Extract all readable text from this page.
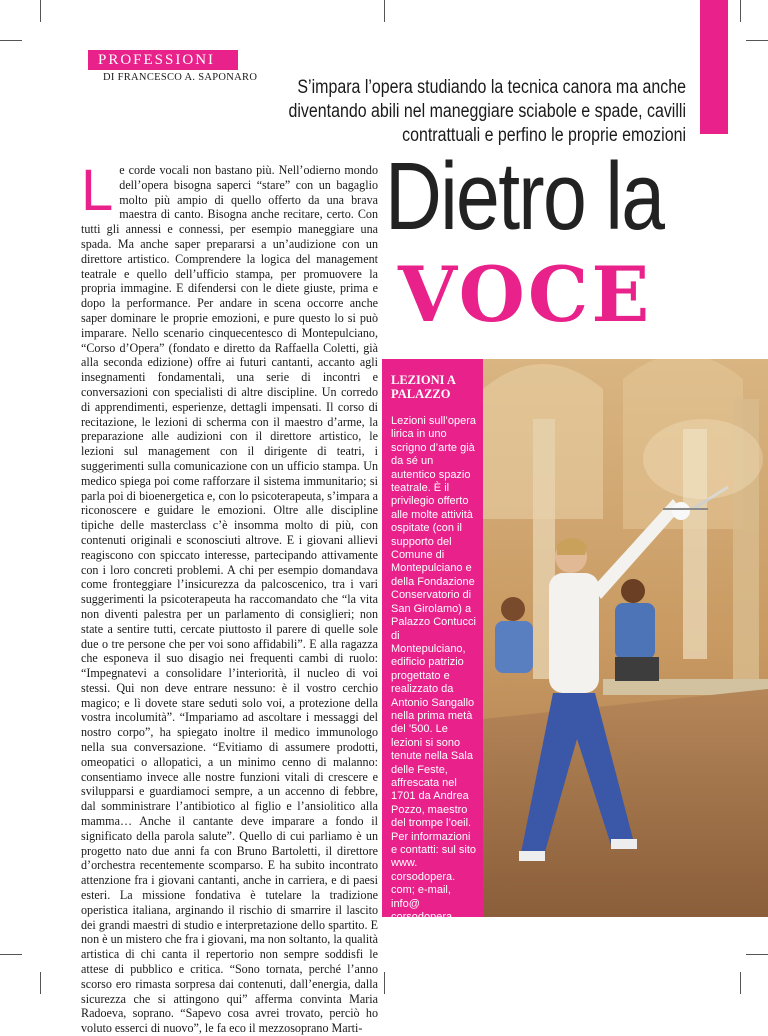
PROFESSIONI
DI FRANCESCO A. SAPONARO	S’impara l’opera studiando la tecnica canora ma anche diventando abili nel maneggiare sciabole e spade, cavilli contrattuali e perfino le proprie emozioni
L e corde vocali non bastano più. Nell’odierno mondo dell’opera bisogna saperci “stare” con un bagaglio molto più ampio di quello offerto da una brava maestra di canto. Bisogna anche recitare, certo. Con tutti gli annessi e connessi, per esempio maneggiare una spada. Ma anche saper prepararsi a un’audizione con un direttore artistico. Comprendere la logica del management teatrale e quello dell’ufficio stampa, per promuovere la propria immagine. E difendersi con le diete giuste, prima e dopo la performance. Per andare in scena occorre anche saper dominare le proprie emozioni, e pure questo lo si può imparare. Nello scenario cinquecentesco di Montepulciano, “Corso d’Opera” (fondato e diretto da Raffaella Coletti, già alla seconda edizione) offre ai futuri cantanti, accanto agli insegnamenti fondamentali, una serie di incontri e conversazioni con specialisti di altre discipline. Un corredo di apprendimenti, esperienze, dettagli impensati. Il corso di recitazione, le lezioni di scherma con il maestro d’arme, la preparazione alle audizioni con il direttore artistico, le lezioni sul management con il dirigente di teatri, i suggerimenti sulla comunicazione con un ufficio stampa. Un medico spiega poi come rafforzare il sistema immunitario; si parla poi di bioenergetica e, con lo psicoterapeuta, s’impara a riconoscere e guidare le emozioni. Oltre alle discipline tipiche delle masterclass c’è insomma molto di più, con contenuti originali e sconosciuti altrove. E i giovani allievi reagiscono con spiccato interesse, partecipando attivamente con i loro concreti problemi. A chi per esempio domandava come fronteggiare l’insicurezza da palcoscenico, tra i vari suggerimenti la psicoterapeuta ha raccomandato che “la vita non diventi palestra per un parlamento di consiglieri; non state a sentire tutti, cercate piuttosto il parere di quelle sole due o tre persone che per voi sono affidabili”. E alla ragazza che esponeva il suo disagio nei frequenti cambi di ruolo: “Impegnatevi a consolidare l’interiorità, il nucleo di voi stessi. Qui non deve entrare nessuno: è il vostro cerchio magico; e lì dovete stare seduti solo voi, a protezione della vostra incolumità”. “Impariamo ad ascoltare i messaggi del nostro corpo”, ha spiegato inoltre il medico immunologo nella sua conversazione. “Evitiamo di assumere prodotti, omeopatici o allopatici, a un minimo cenno di malanno: consentiamo invece alle nostre funzioni vitali di crescere e svilupparsi e guardiamoci sempre, a un accenno di febbre, dal somministrare l’antibiotico al figlio e l’ansiolitico alla mamma… Anche il cantante deve imparare a fondo il significato della parola salute”. Quello di cui parliamo è un progetto nato due anni fa con Bruno Bartoletti, il direttore d’orchestra recentemente scomparso. E ha subito incontrato attenzione fra i giovani cantanti, anche in carriera, e di paesi esteri. La missione fondativa è tutelare la tradizione operistica italiana, arginando il rischio di smarrire il lascito dei grandi maestri di studio e interpretazione dello spartito. E non è un mistero che fra i giovani, ma non soltanto, la qualità artistica di chi canta il repertorio non sempre soddisfi le attese di pubblico e critica. “Sono tornata, perché l’anno scorso ero rimasta sorpresa dai contenuti, dall’energia, dalla sicurezza che si attingono qui” afferma convinta Maria Radoeva, soprano. “Sapevo cosa avrei trovato, perciò ho voluto esserci di nuovo”, le fa eco il mezzosoprano Marti-

Dietro la
VOCE
LEZIONI A PALAZZO

Lezioni sull’opera lirica in uno scrigno d’arte già da sé un autentico spazio teatrale. È il privilegio offerto alle molte attività ospitate (con il supporto del Comune di Montepulciano e della Fondazione Conservatorio di San Girolamo) a Palazzo Contucci di Montepulciano, edificio patrizio progettato e realizzato da Antonio Sangallo nella prima metà del ’500. Le lezioni si sono tenute nella Sala delle Feste, affrescata nel 1701 da Andrea Pozzo, maestro del trompe l’oeil. Per informazioni e contatti: sul sito www. corsodopera. com; e-mail, info@ corsodopera. com; telefono 055 214705.
